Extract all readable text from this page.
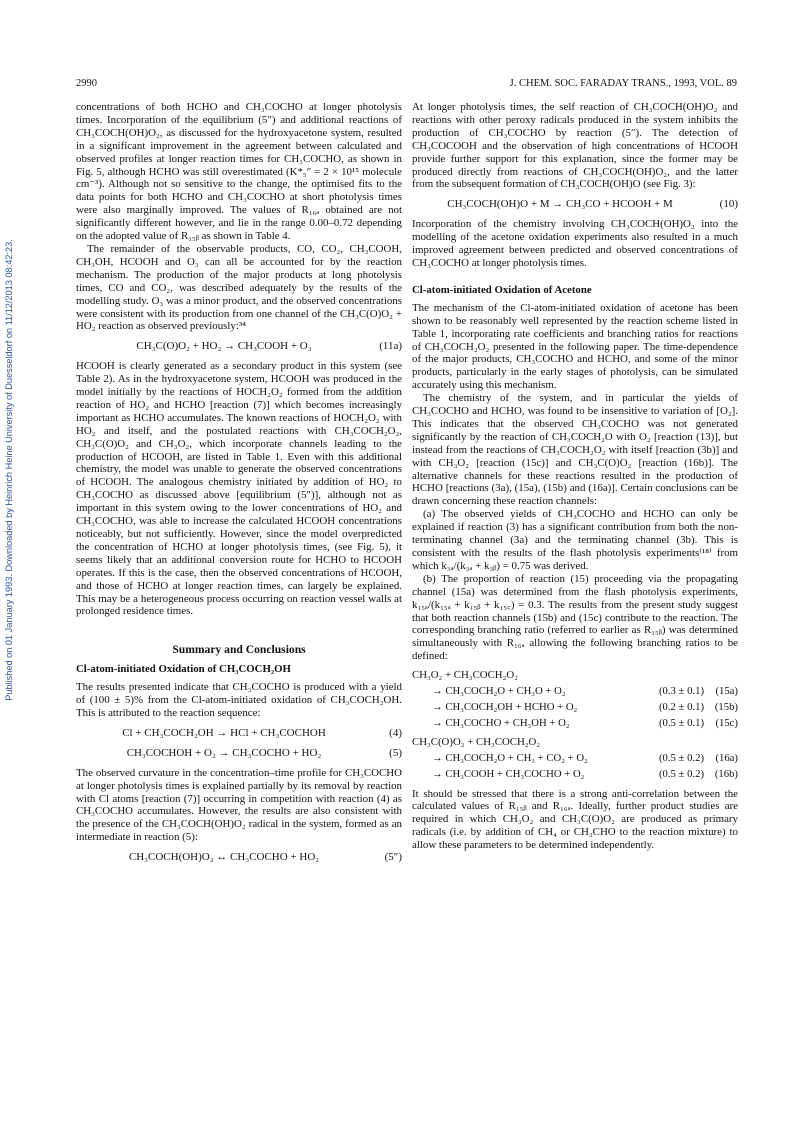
Published on 01 January 1993. Downloaded by Heinrich Heine University of Duesseldorf on 11/12/2013 08:42:23.
2990	J. CHEM. SOC. FARADAY TRANS., 1993, VOL. 89

concentrations of both HCHO and CH₃COCHO at longer photolysis times. Incorporation of the equilibrium (5″) and additional reactions of CH₃COCH(OH)O₂, as discussed for the hydroxyacetone system, resulted in a significant improvement in the agreement between calculated and observed profiles at longer reaction times for CH₃COCHO, as shown in Fig. 5, although HCHO was still overestimated (K*₅″ = 2 × 10¹⁵ molecule cm⁻³). Although not so sensitive to the change, the optimised fits to the data points for both HCHO and CH₃COCHO at short photolysis times were also marginally improved. The values of R₁₆ₐ obtained are not significantly different however, and lie in the range 0.00–0.72 depending on the adopted value of R₁₅ᵦ as shown in Table 4.

The remainder of the observable products, CO, CO₂, CH₃COOH, CH₃OH, HCOOH and O₃ can all be accounted for by the reaction mechanism. The production of the major products at long photolysis times, CO and CO₂, was described adequately by the results of the modelling study. O₃ was a minor product, and the observed concentrations were consistent with its production from one channel of the CH₃C(O)O₂ + HO₂ reaction as observed previously:³⁴

CH₃C(O)O₂ + HO₂ → CH₃COOH + O₃	(11a)

HCOOH is clearly generated as a secondary product in this system (see Table 2). As in the hydroxyacetone system, HCOOH was produced in the model initially by the reactions of HOCH₂O₂ formed from the addition reaction of HO₂ and HCHO [reaction (7)] which becomes increasingly important as HCHO accumulates. The known reactions of HOCH₂O₂ with HO₂ and itself, and the postulated reactions with CH₃COCH₂O₂, CH₃C(O)O₂ and CH₃O₂, which incorporate channels leading to the production of HCOOH, are listed in Table 1. Even with this additional chemistry, the model was unable to generate the observed concentrations of HCOOH. The analogous chemistry initiated by addition of HO₂ to CH₃COCHO as discussed above [equilibrium (5″)], although not as important in this system owing to the lower concentrations of HO₂ and CH₃COCHO, was able to increase the calculated HCOOH concentrations noticeably, but not sufficiently. However, since the model overpredicted the concentration of HCHO at longer photolysis times, (see Fig. 5), it seems likely that an additional conversion route for HCHO to HCOOH operates. If this is the case, then the observed concentrations of HCOOH, and those of HCHO at longer reaction times, can largely be explained. This may be a heterogeneous process occurring on reaction vessel walls at prolonged residence times.

Summary and Conclusions
Cl-atom-initiated Oxidation of CH₃COCH₂OH

The results presented indicate that CH₃COCHO is produced with a yield of (100 ± 5)% from the Cl-atom-initiated oxidation of CH₃COCH₂OH. This is attributed to the reaction sequence:

Cl + CH₃COCH₂OH → HCl + CH₃COCHOH	(4)
CH₃COCHOH + O₂ → CH₃COCHO + HO₂	(5)

The observed curvature in the concentration–time profile for CH₃COCHO at longer photolysis times is explained partially by its removal by reaction with Cl atoms [reaction (7)] occurring in competition with reaction (4) as CH₃COCHO accumulates. However, the results are also consistent with the presence of the CH₃COCH(OH)O₂ radical in the system, formed as an intermediate in reaction (5):

CH₃COCH(OH)O₂ ↔ CH₃COCHO + HO₂	(5″)

At longer photolysis times, the self reaction of CH₃COCH(OH)O₂ and reactions with other peroxy radicals produced in the system inhibits the production of CH₃COCHO by reaction (5″). The detection of CH₃COCOOH and the observation of high concentrations of HCOOH provide further support for this explanation, since the former may be produced directly from reactions of CH₃COCH(OH)O₂, and the latter from the subsequent formation of CH₃COCH(OH)O (see Fig. 3):

CH₃COCH(OH)O + M → CH₃CO + HCOOH + M	(10)

Incorporation of the chemistry involving CH₃COCH(OH)O₂ into the modelling of the acetone oxidation experiments also resulted in a much improved agreement between predicted and observed concentrations of CH₃COCHO at longer photolysis times.

Cl-atom-initiated Oxidation of Acetone

The mechanism of the Cl-atom-initiated oxidation of acetone has been shown to be reasonably well represented by the reaction scheme listed in Table 1, incorporating rate coefficients and branching ratios for reactions of CH₃COCH₂O₂ presented in the following paper. The time-dependence of the major products, CH₃COCHO and HCHO, and some of the minor products, particularly in the early stages of photolysis, can be simulated accurately using this mechanism.

The chemistry of the system, and in particular the yields of CH₃COCHO and HCHO, was found to be insensitive to variation of [O₂]. This indicates that the observed CH₃COCHO was not generated significantly by the reaction of CH₃COCH₂O with O₂ [reaction (13)], but instead from the reactions of CH₃COCH₂O₂ with itself [reaction (3b)] and with CH₃O₂ [reaction (15c)] and CH₃C(O)O₂ [reaction (16b)]. The alternative channels for these reactions resulted in the production of HCHO [reactions (3a), (15a), (15b) and (16a)]. Certain conclusions can be drawn concerning these reaction channels:

(a) The observed yields of CH₃COCHO and HCHO can only be explained if reaction (3) has a significant contribution from both the non-terminating channel (3a) and the terminating channel (3b). This is consistent with the results of the flash photolysis experiments⁽¹⁸⁾ from which k₃ₐ/(k₃ₐ + k₃ᵦ) = 0.75 was derived.

(b) The proportion of reaction (15) proceeding via the propagating channel (15a) was determined from the flash photolysis experiments, k₁₅ₐ/(k₁₅ₐ + k₁₅ᵦ + k₁₅꜀) = 0.3. The results from the present study suggest that both reaction channels (15b) and (15c) contribute to the reaction. The corresponding branching ratio (referred to earlier as R₁₅ᵦ) was determined simultaneously with R₁₆ₐ allowing the following branching ratios to be defined:

CH₃O₂ + CH₃COCH₂O₂
→ CH₃COCH₂O + CH₃O + O₂	(0.3 ± 0.1)	(15a)
→ CH₃COCH₂OH + HCHO + O₂	(0.2 ± 0.1)	(15b)
→ CH₃COCHO + CH₃OH + O₂	(0.5 ± 0.1)	(15c)
CH₃C(O)O₂ + CH₃COCH₂O₂
→ CH₃COCH₂O + CH₃ + CO₂ + O₂	(0.5 ± 0.2)	(16a)
→ CH₃COOH + CH₃COCHO + O₂	(0.5 ± 0.2)	(16b)

It should be stressed that there is a strong anti-correlation between the calculated values of R₁₅ᵦ and R₁₆ₐ. Ideally, further product studies are required in which CH₃O₂ and CH₃C(O)O₂ are produced as primary radicals (i.e. by addition of CH₄ or CH₃CHO to the reaction mixture) to allow these parameters to be determined independently.
